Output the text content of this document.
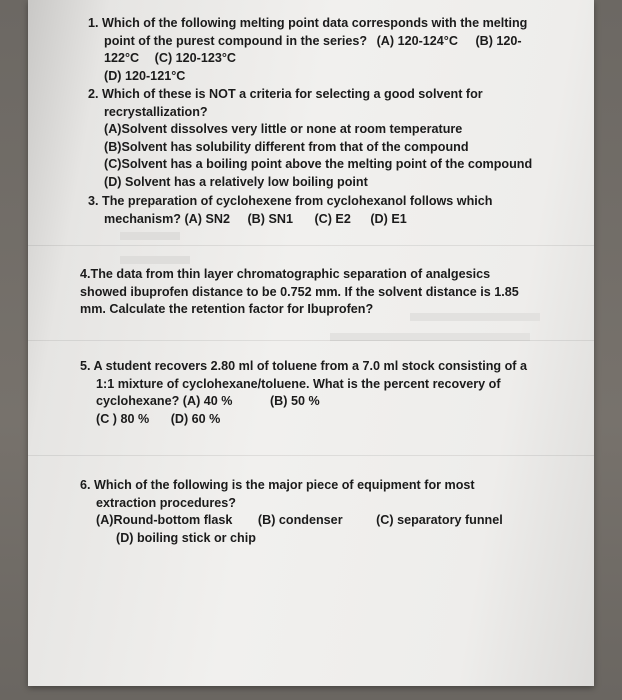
1. Which of the following melting point data corresponds with the melting

point of the purest compound in the series? (A) 120-124°C (B) 120-

122°C (C) 120-123°C

(D) 120-121°C

2. Which of these is NOT a criteria for selecting a good solvent for

recrystallization?

(A)Solvent dissolves very little or none at room temperature

(B)Solvent has solubility different from that of the compound

(C)Solvent has a boiling point above the melting point of the compound

(D) Solvent has a relatively low boiling point

3. The preparation of cyclohexene from cyclohexanol follows which

mechanism? (A) SN2 (B) SN1 (C) E2 (D) E1

4.The data from thin layer chromatographic separation of analgesics

showed ibuprofen distance to be 0.752 mm. If the solvent distance is 1.85

mm. Calculate the retention factor for Ibuprofen?

5. A student recovers 2.80 ml of toluene from a 7.0 ml stock consisting of a

1:1 mixture of cyclohexane/toluene. What is the percent recovery of

cyclohexane? (A) 40 %	(B) 50 %

(C ) 80 % (D) 60 %

6. Which of the following is the major piece of equipment for most

extraction procedures?

(A)Round-bottom flask (B) condenser	(C) separatory funnel

(D) boiling stick or chip
